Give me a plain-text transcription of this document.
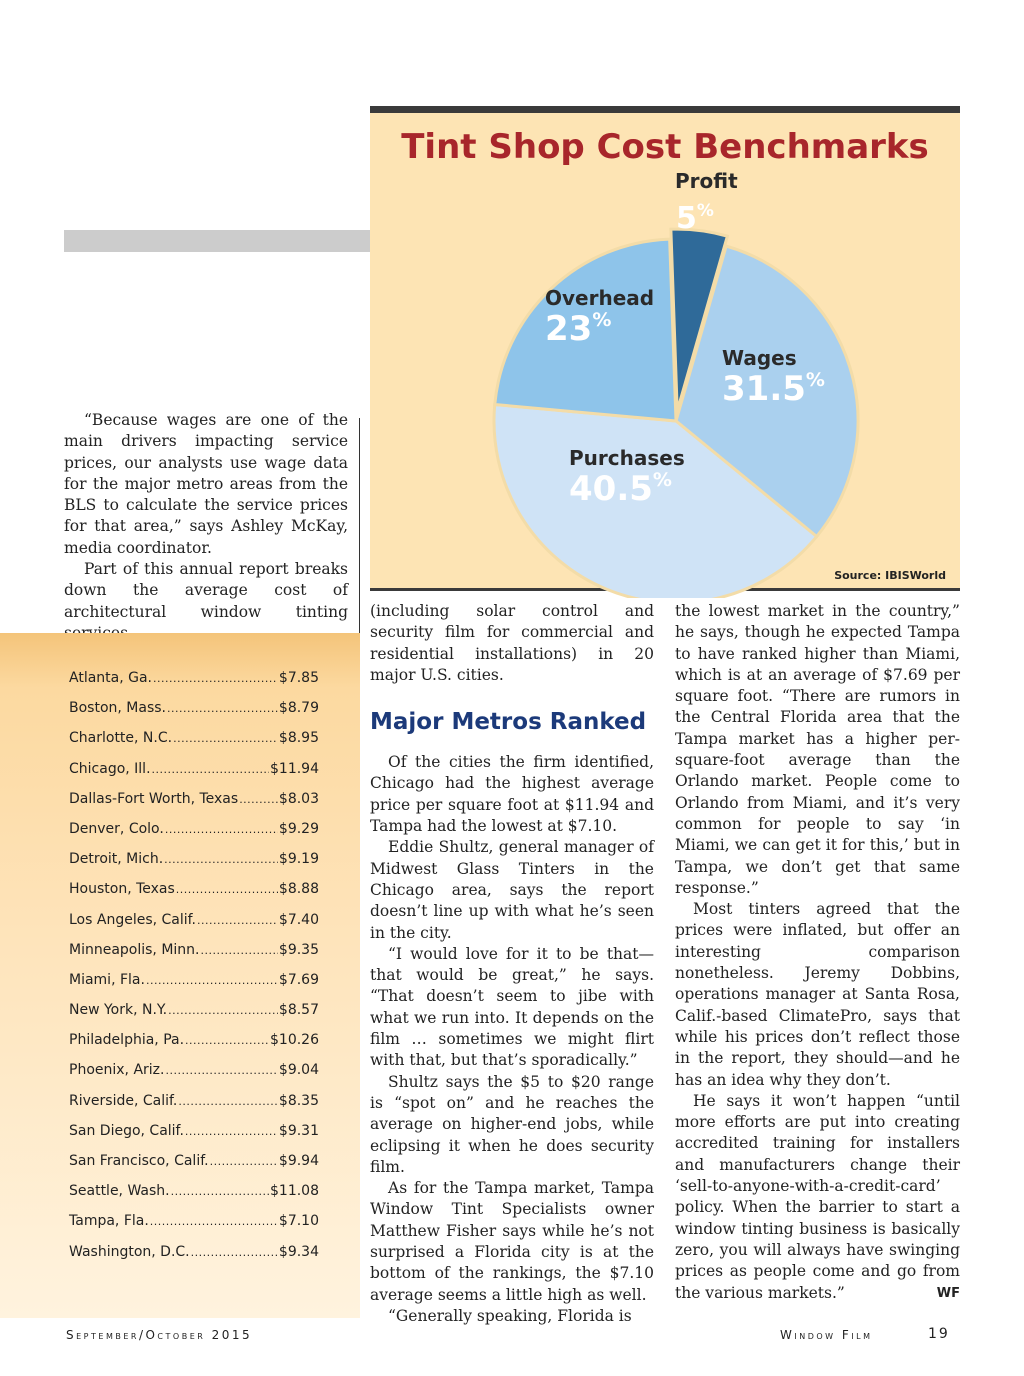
Tint Shop Cost Benchmarks
Profit
5%
Wages
31.5%
Purchases
40.5%
Overhead
23%
Source: IBISWorld

“Because wages are one of the main drivers impacting service prices, our analysts use wage data for the major metro areas from the BLS to calculate the service prices for that area,” says Ashley McKay, media coordinator.

Part of this annual report breaks down the average cost of architectural window tinting

Atlanta, Ga. .....	$7.85
Boston, Mass. .....	$8.79
Charlotte, N.C. .....	$8.95
Chicago, Ill. .....	$11.94
Dallas-Fort Worth, Texas .....	$8.03
Denver, Colo. .....	$9.29
Detroit, Mich. .....	$9.19
Houston, Texas .....	$8.88
Los Angeles, Calif. .....	$7.40
Minneapolis, Minn. .....	$9.35
Miami, Fla. .....	$7.69
New York, N.Y. .....	$8.57
Philadelphia, Pa. .....	$10.26
Phoenix, Ariz. .....	$9.04
Riverside, Calif. .....	$8.35
San Diego, Calif. .....	$9.31
San Francisco, Calif. .....	$9.94
Seattle, Wash. .....	$11.08
Tampa, Fla. .....	$7.10
Washington, D.C. .....	$9.34

(including solar control and security film for commercial and residential installations) in 20 major U.S. cities.

Major Metros Ranked

Of the cities the firm identified, Chicago had the highest average price per square foot at $11.94 and Tampa had the lowest at $7.10.

Eddie Shultz, general manager of Midwest Glass Tinters in the Chicago area, says the report doesn’t line up with what he’s seen in the city.

“I would love for it to be that—that would be great,” he says. “That doesn’t seem to jibe with what we run into. It depends on the film … sometimes we might flirt with that, but that’s sporadically.”

Shultz says the $5 to $20 range is “spot on” and he reaches the average on higher-end jobs, while eclipsing it when he does security film.

As for the Tampa market, Tampa Window Tint Specialists owner Matthew Fisher says while he’s not surprised a Florida city is at the bottom of the rankings, the $7.10 average seems a little high as well.

“Generally speaking, Florida is

the lowest market in the country,” he says, though he expected Tampa to have ranked higher than Miami, which is at an average of $7.69 per square foot. “There are rumors in the Central Florida area that the Tampa market has a higher per-square-foot average than the Orlando market. People come to Orlando from Miami, and it’s very common for people to say ‘in Miami, we can get it for this,’ but in Tampa, we don’t get that same response.”

Most tinters agreed that the prices were inflated, but offer an interesting comparison nonetheless. Jeremy Dobbins, operations manager at Santa Rosa, Calif.-based ClimatePro, says that while his prices don’t reflect those in the report, they should—and he has an idea why they don’t.

He says it won’t happen “until more efforts are put into creating accredited training for installers and manufacturers change their ‘sell-to-anyone-with-a-credit-card’ policy. When the barrier to start a window tinting business is basically zero, you will always have swinging prices as people come and go from the various markets.”	WF

September/October 2015	Window Film	19
